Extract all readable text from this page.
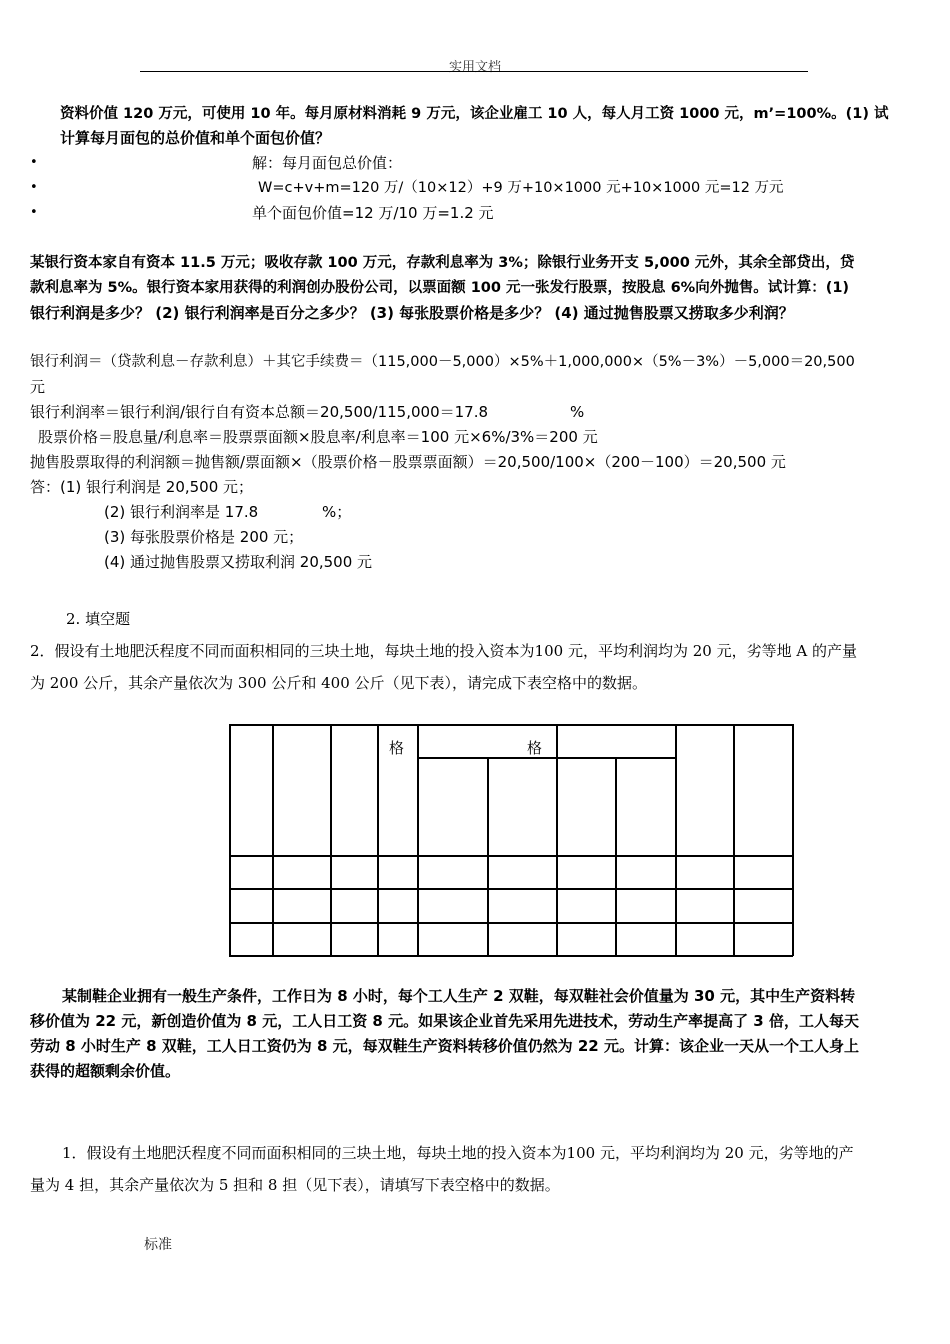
实用文档
资料价值 120 万元，可使用 10 年。每月原材料消耗 9 万元，该企业雇工 10 人，每人月工资 1000 元，m’=100%。(1) 试
计算每月面包的总价值和单个面包价值？
•
•
•
解：每月面包总价值：
W=c+v+m=120 万/（10×12）+9 万+10×1000 元+10×1000 元=12 万元
单个面包价值=12 万/10 万=1.2 元
某银行资本家自有资本 11.5 万元；吸收存款 100 万元，存款利息率为 3%；除银行业务开支 5,000 元外，其余全部贷出，贷
款利息率为 5%。银行资本家用获得的利润创办股份公司，以票面额 100 元一张发行股票，按股息 6%向外抛售。试计算：(1)
银行利润是多少？ (2) 银行利润率是百分之多少？ (3) 每张股票价格是多少？ (4) 通过抛售股票又捞取多少利润？
银行利润＝（贷款利息－存款利息）＋其它手续费＝（115,000－5,000）×5%＋1,000,000×（5%－3%）－5,000＝20,500
元
银行利润率＝银行利润/银行自有资本总额＝20,500/115,000＝17.8	%
股票价格＝股息量/利息率＝股票票面额×股息率/利息率＝100 元×6%/3%＝200 元
抛售股票取得的利润额＝抛售额/票面额×（股票价格－股票票面额）＝20,500/100×（200－100）＝20,500 元
答：(1) 银行利润是 20,500 元；
(2) 银行利润率是 17.8	%；
(3) 每张股票价格是 200 元；
(4) 通过抛售股票又捞取利润 20,500 元
2. 填空题
2．假设有土地肥沃程度不同而面积相同的三块土地，每块土地的投入资本为100 元，平均利润均为 20 元，劣等地 A 的产量
为 200 公斤，其余产量依次为 300 公斤和 400 公斤（见下表），请完成下表空格中的数据。
格	格
某制鞋企业拥有一般生产条件，工作日为 8 小时，每个工人生产 2 双鞋，每双鞋社会价值量为 30 元，其中生产资料转
移价值为 22 元，新创造价值为 8 元，工人日工资 8 元。如果该企业首先采用先进技术，劳动生产率提高了 3 倍，工人每天
劳动 8 小时生产 8 双鞋，工人日工资仍为 8 元，每双鞋生产资料转移价值仍然为 22 元。计算：该企业一天从一个工人身上
获得的超额剩余价值。
1．假设有土地肥沃程度不同而面积相同的三块土地，每块土地的投入资本为100 元，平均利润均为 20 元，劣等地的产
量为 4 担，其余产量依次为 5 担和 8 担（见下表），请填写下表空格中的数据。
标准
